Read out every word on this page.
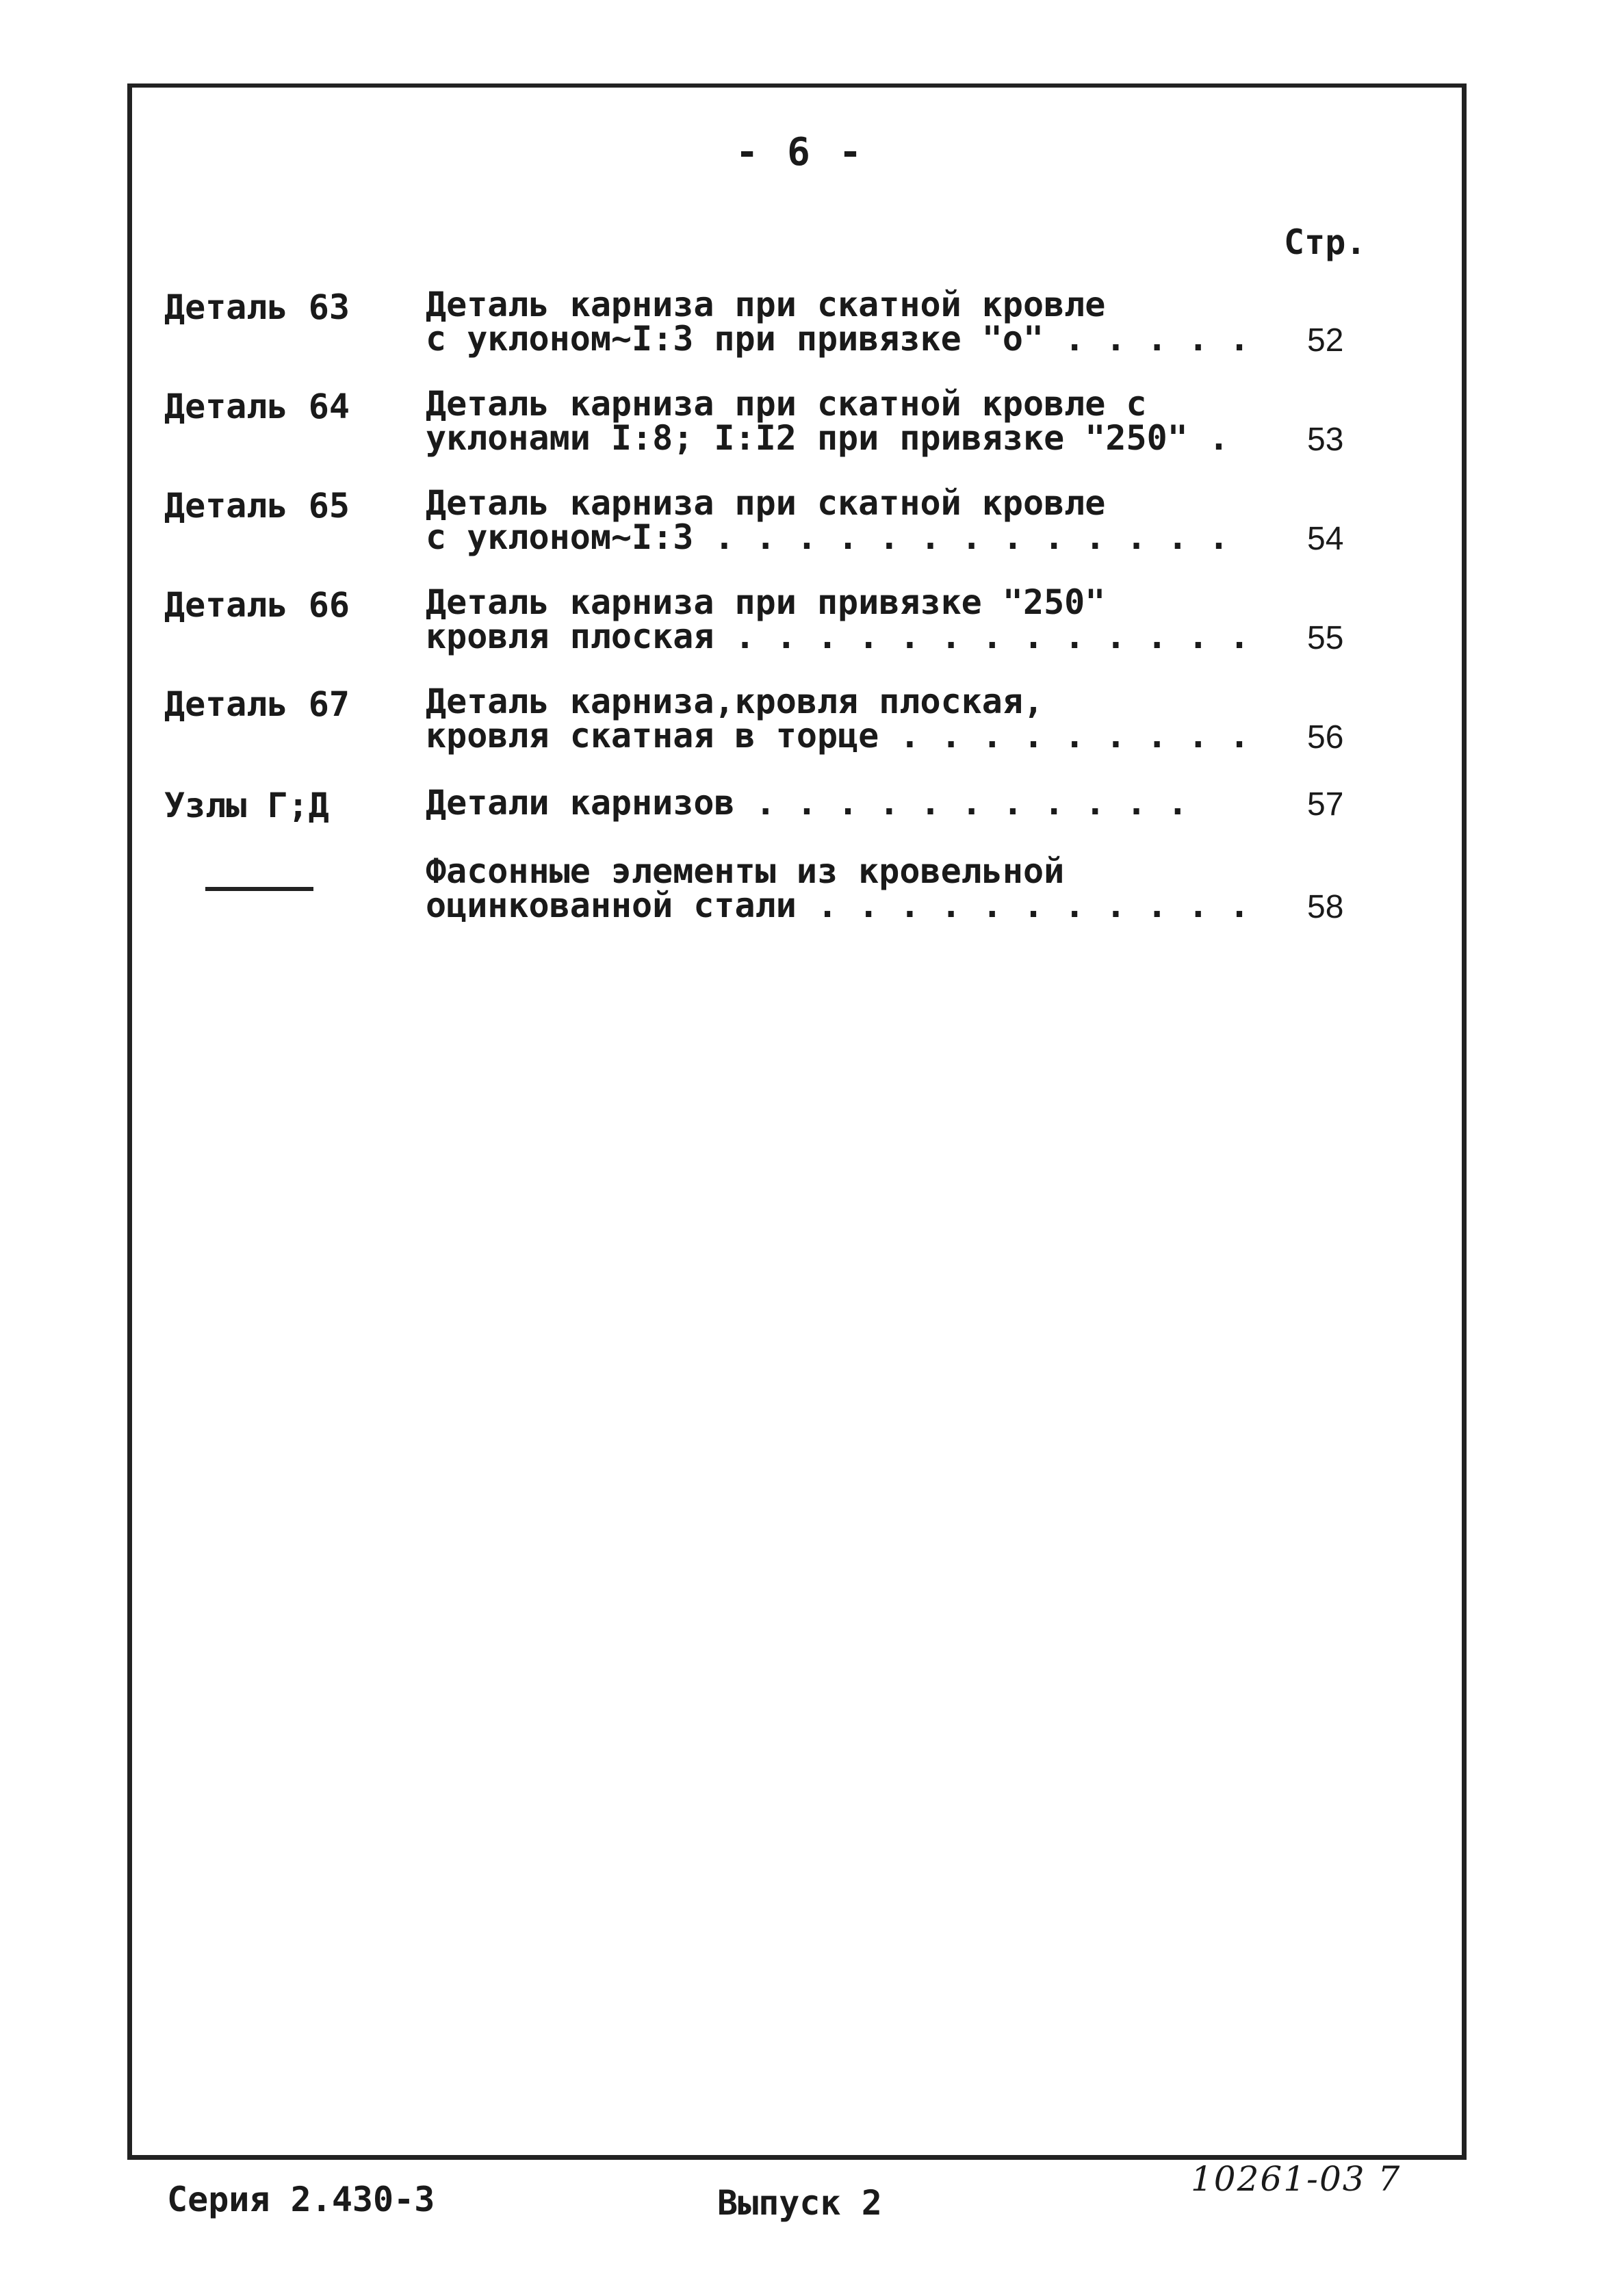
- 6 -
Стр.
Деталь 63 Деталь карниза при скатной кровле
с уклоном~I:3 при привязке "о" . . . . . 52
Деталь 64 Деталь карниза при скатной кровле с
уклонами I:8; I:I2 при привязке "250" . 53
Деталь 65 Деталь карниза при скатной кровле
с уклоном~I:3 . . . . . . . . . . . . . 54
Деталь 66 Деталь карниза при привязке "250"
кровля плоская . . . . . . . . . . . . . 55
Деталь 67 Деталь карниза,кровля плоская,
кровля скатная в торце . . . . . . . . . 56
Узлы Г;Д	Детали карнизов . . . . . . . . . . .	57
Фасонные элементы из кровельной
оцинкованной стали . . . . . . . . . . . 58
Серия 2.430-3	Выпуск 2
10261-03 7
